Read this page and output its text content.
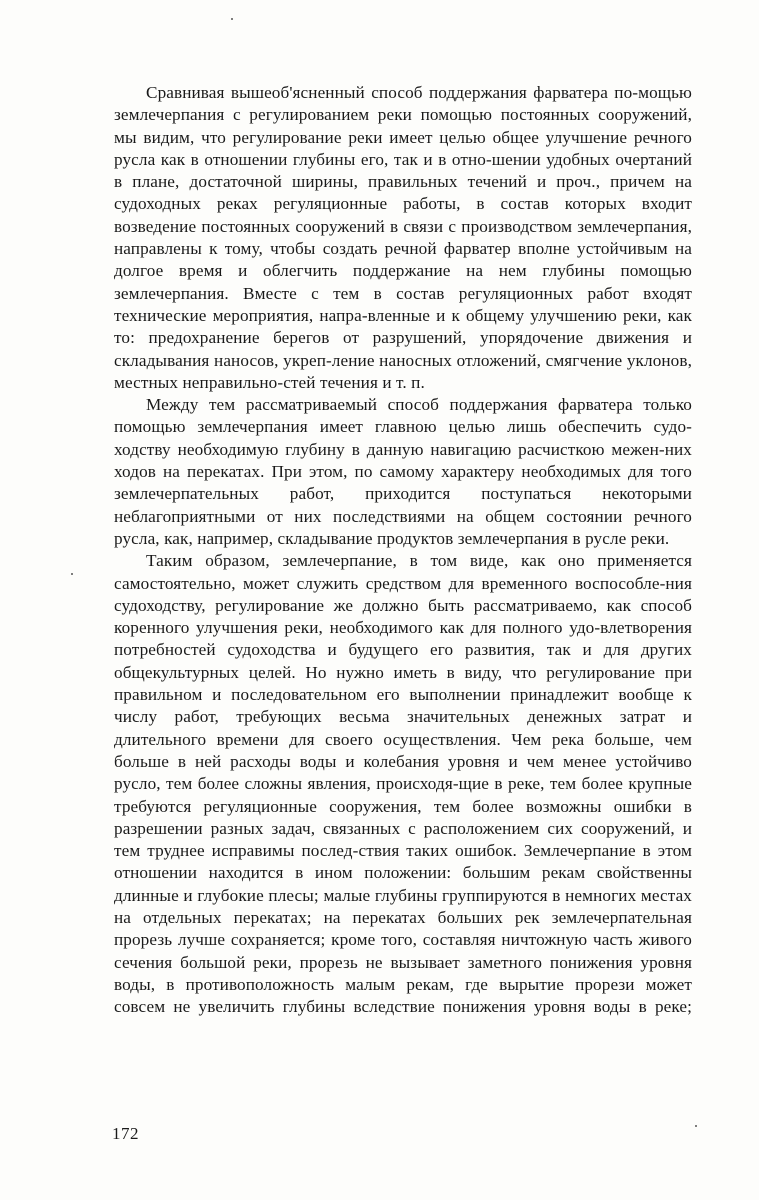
Сравнивая вышеоб'ясненный способ поддержания фарватера по-мощью землечерпания с регулированием реки помощью постоянных сооружений, мы видим, что регулирование реки имеет целью общее улучшение речного русла как в отношении глубины его, так и в отно-шении удобных очертаний в плане, достаточной ширины, правильных течений и проч., причем на судоходных реках регуляционные работы, в состав которых входит возведение постоянных сооружений в связи с производством землечерпания, направлены к тому, чтобы создать речной фарватер вполне устойчивым на долгое время и облегчить поддержание на нем глубины помощью землечерпания. Вместе с тем в состав регуляционных работ входят технические мероприятия, напра-вленные и к общему улучшению реки, как то: предохранение берегов от разрушений, упорядочение движения и складывания наносов, укреп-ление наносных отложений, смягчение уклонов, местных неправильно-стей течения и т. п.

Между тем рассматриваемый способ поддержания фарватера только помощью землечерпания имеет главною целью лишь обеспечить судо-ходству необходимую глубину в данную навигацию расчисткою межен-них ходов на перекатах. При этом, по самому характеру необходимых для того землечерпательных работ, приходится поступаться некоторыми неблагоприятными от них последствиями на общем состоянии речного русла, как, например, складывание продуктов землечерпания в русле реки.

Таким образом, землечерпание, в том виде, как оно применяется самостоятельно, может служить средством для временного воспособле-ния судоходству, регулирование же должно быть рассматриваемо, как способ коренного улучшения реки, необходимого как для полного удо-влетворения потребностей судоходства и будущего его развития, так и для других общекультурных целей. Но нужно иметь в виду, что регулирование при правильном и последовательном его выполнении принадлежит вообще к числу работ, требующих весьма значительных денежных затрат и длительного времени для своего осуществления. Чем река больше, чем больше в ней расходы воды и колебания уровня и чем менее устойчиво русло, тем более сложны явления, происходя-щие в реке, тем более крупные требуются регуляционные сооружения, тем более возможны ошибки в разрешении разных задач, связанных с расположением сих сооружений, и тем труднее исправимы послед-ствия таких ошибок. Землечерпание в этом отношении находится в ином положении: большим рекам свойственны длинные и глубокие плесы; малые глубины группируются в немногих местах на отдельных перекатах; на перекатах больших рек землечерпательная прорезь лучше сохраняется; кроме того, составляя ничтожную часть живого сечения большой реки, прорезь не вызывает заметного понижения уровня воды, в противоположность малым рекам, где вырытие прорези может совсем не увеличить глубины вследствие понижения уровня воды в реке;

172
